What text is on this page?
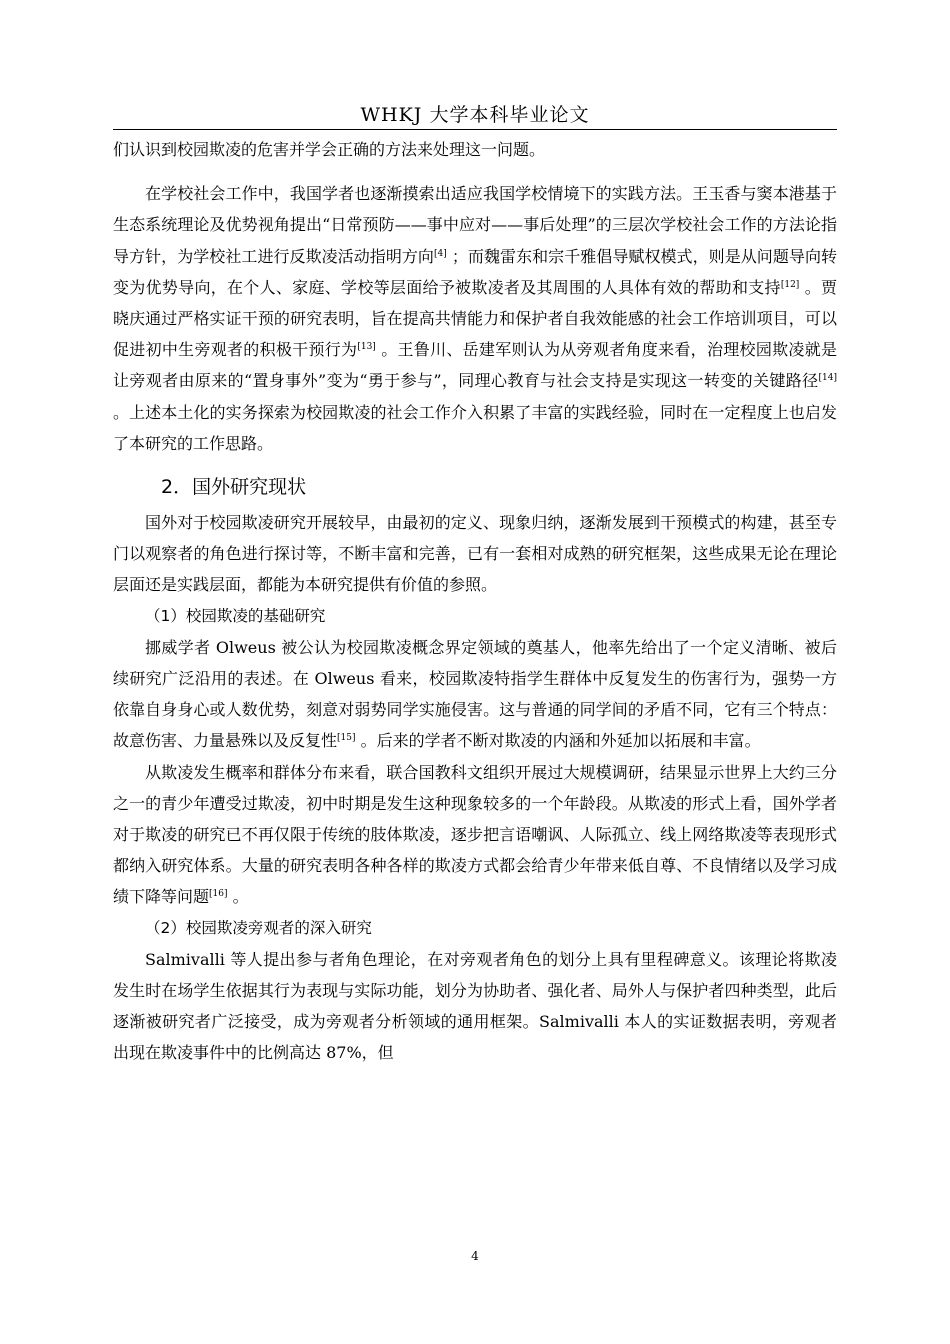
WHKJ 大学本科毕业论文

们认识到校园欺凌的危害并学会正确的方法来处理这一问题。

在学校社会工作中，我国学者也逐渐摸索出适应我国学校情境下的实践方法。王玉香与窦本港基于生态系统理论及优势视角提出“日常预防——事中应对——事后处理”的三层次学校社会工作的方法论指导方针，为学校社工进行反欺凌活动指明方向[4] ；而魏雷东和宗千雅倡导赋权模式，则是从问题导向转变为优势导向，在个人、家庭、学校等层面给予被欺凌者及其周围的人具体有效的帮助和支持[12] 。贾晓庆通过严格实证干预的研究表明，旨在提高共情能力和保护者自我效能感的社会工作培训项目，可以促进初中生旁观者的积极干预行为[13] 。王鲁川、岳建军则认为从旁观者角度来看，治理校园欺凌就是让旁观者由原来的“置身事外”变为“勇于参与”，同理心教育与社会支持是实现这一转变的关键路径[14] 。上述本土化的实务探索为校园欺凌的社会工作介入积累了丰富的实践经验，同时在一定程度上也启发了本研究的工作思路。

2．国外研究现状

国外对于校园欺凌研究开展较早，由最初的定义、现象归纳，逐渐发展到干预模式的构建，甚至专门以观察者的角色进行探讨等，不断丰富和完善，已有一套相对成熟的研究框架，这些成果无论在理论层面还是实践层面，都能为本研究提供有价值的参照。

（1）校园欺凌的基础研究

挪威学者 Olweus 被公认为校园欺凌概念界定领域的奠基人，他率先给出了一个定义清晰、被后续研究广泛沿用的表述。在 Olweus 看来，校园欺凌特指学生群体中反复发生的伤害行为，强势一方依靠自身身心或人数优势，刻意对弱势同学实施侵害。这与普通的同学间的矛盾不同，它有三个特点：故意伤害、力量悬殊以及反复性[15] 。后来的学者不断对欺凌的内涵和外延加以拓展和丰富。

从欺凌发生概率和群体分布来看，联合国教科文组织开展过大规模调研，结果显示世界上大约三分之一的青少年遭受过欺凌，初中时期是发生这种现象较多的一个年龄段。从欺凌的形式上看，国外学者对于欺凌的研究已不再仅限于传统的肢体欺凌，逐步把言语嘲讽、人际孤立、线上网络欺凌等表现形式都纳入研究体系。大量的研究表明各种各样的欺凌方式都会给青少年带来低自尊、不良情绪以及学习成绩下降等问题[16] 。

（2）校园欺凌旁观者的深入研究

Salmivalli 等人提出参与者角色理论，在对旁观者角色的划分上具有里程碑意义。该理论将欺凌发生时在场学生依据其行为表现与实际功能，划分为协助者、强化者、局外人与保护者四种类型，此后逐渐被研究者广泛接受，成为旁观者分析领域的通用框架。Salmivalli 本人的实证数据表明，旁观者出现在欺凌事件中的比例高达 87%，但

4
